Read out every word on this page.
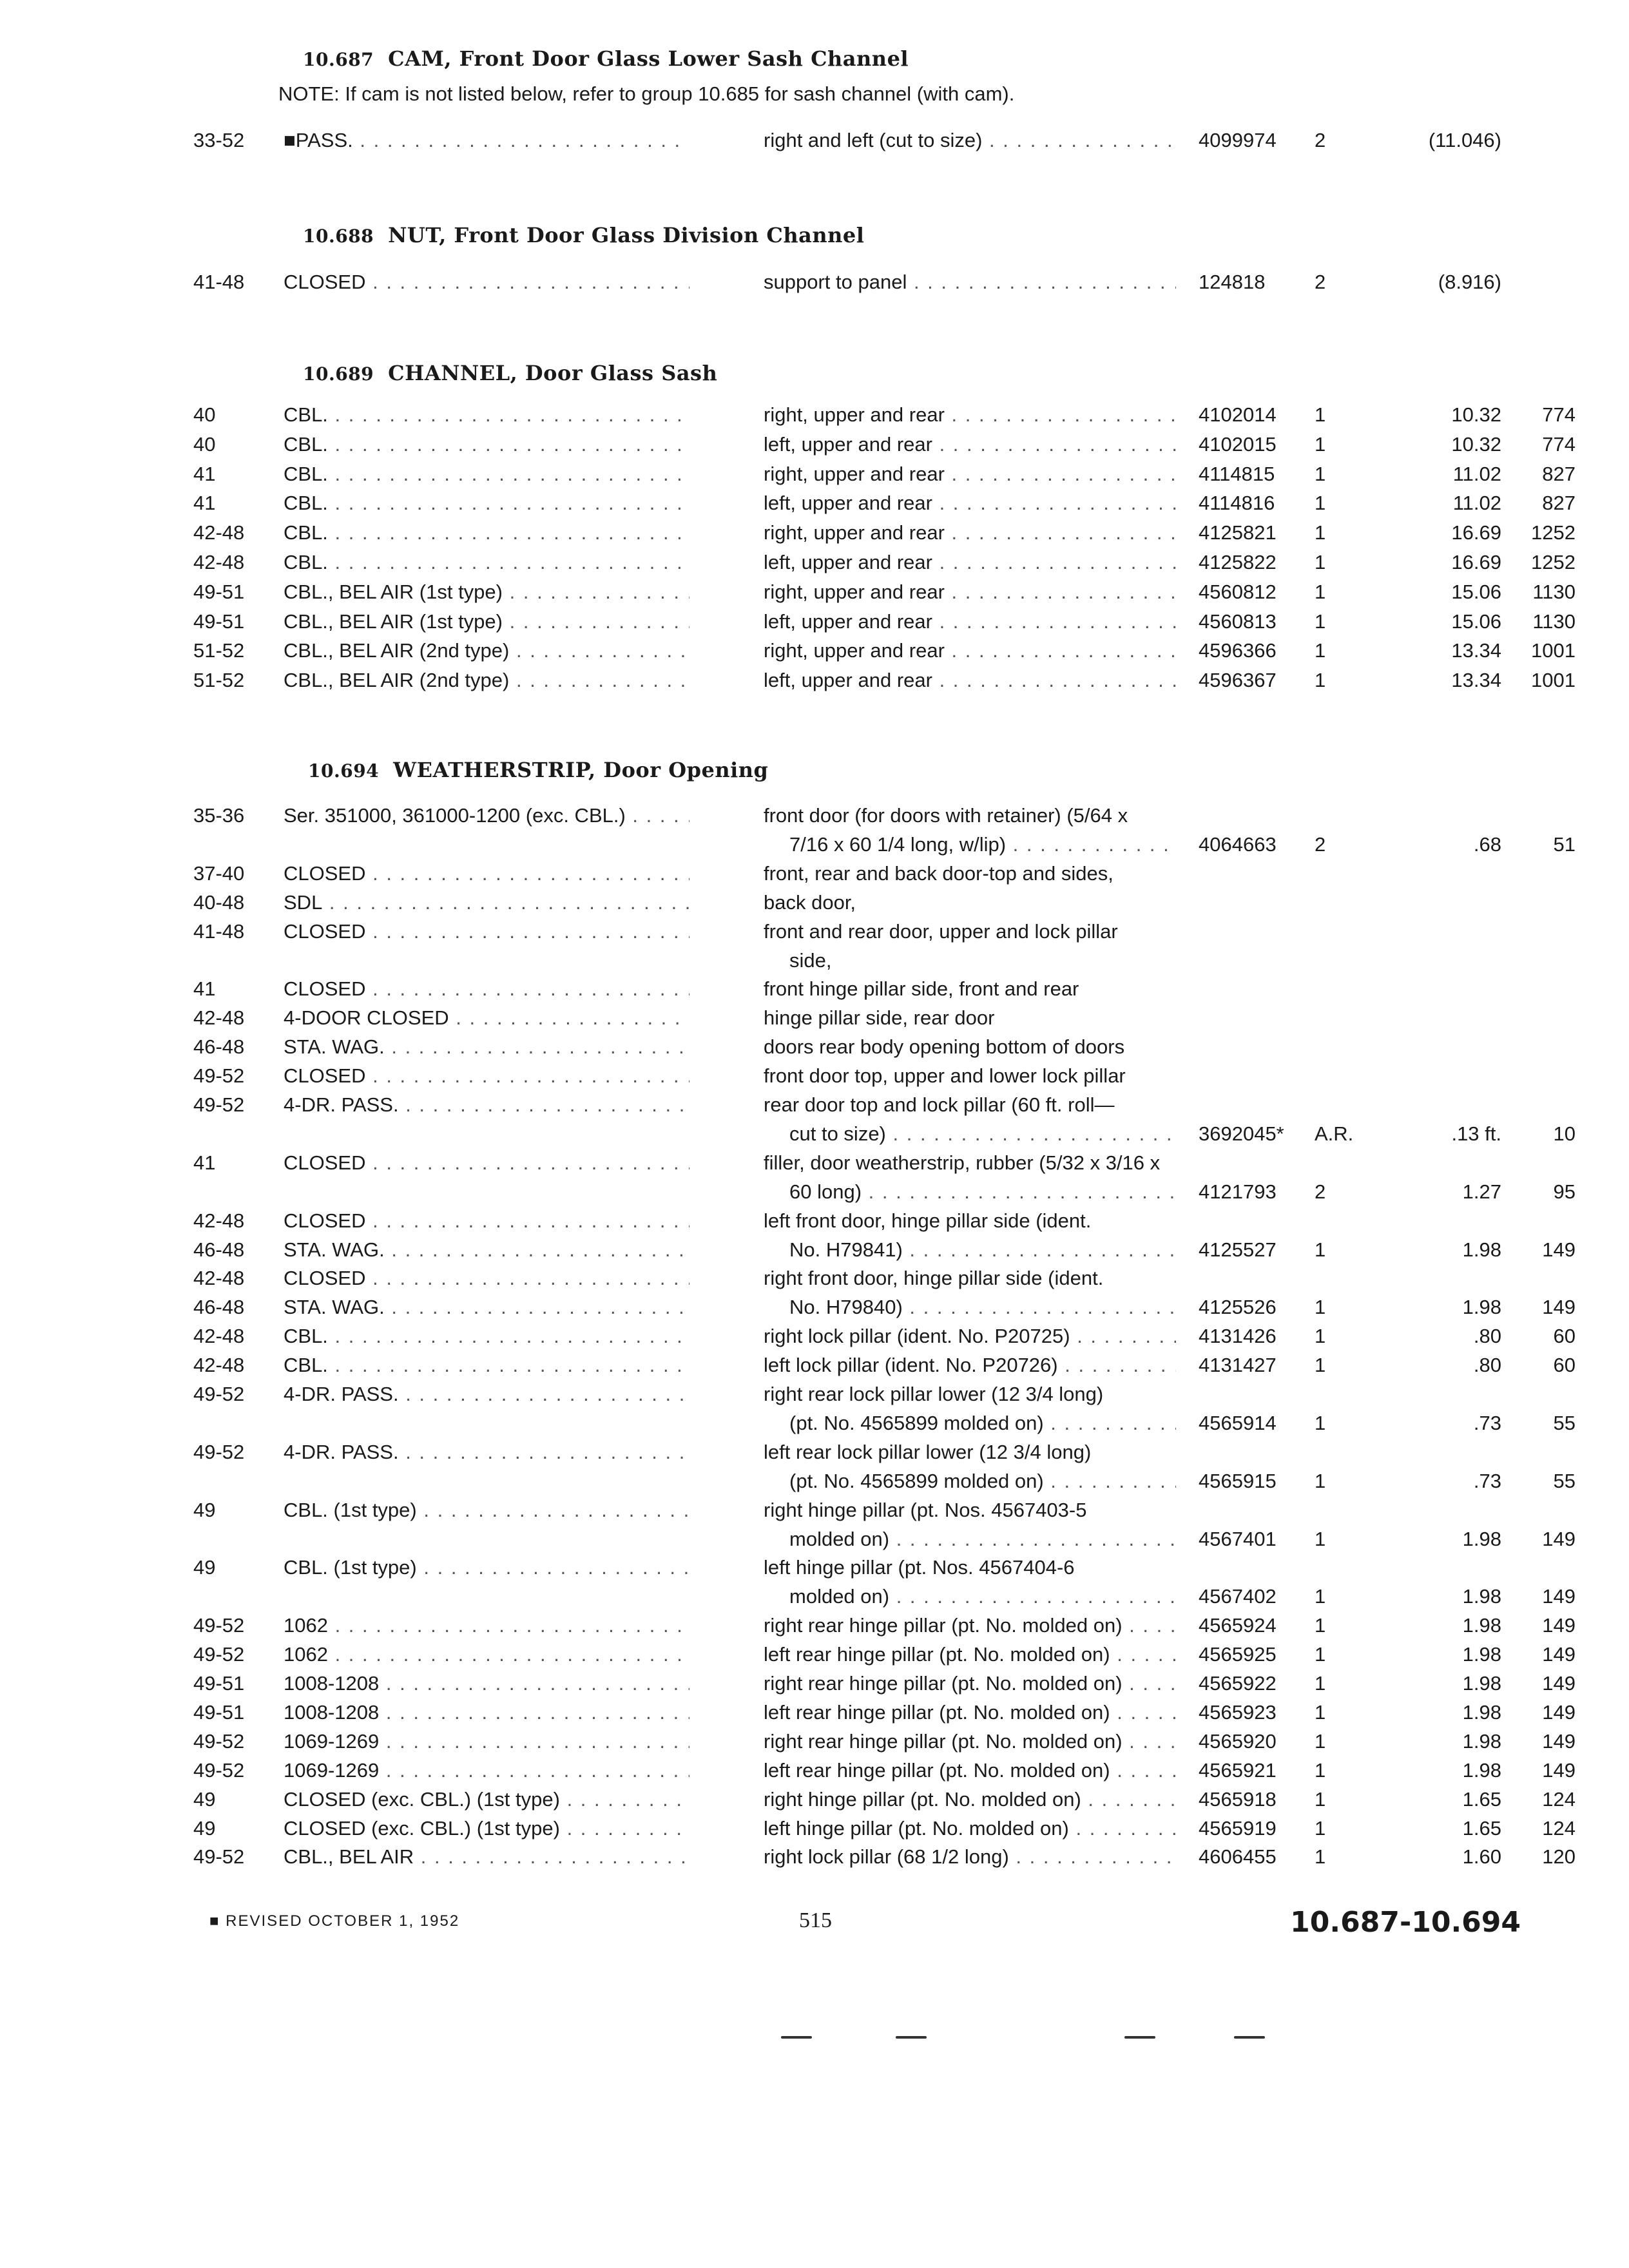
10.687 CAM, Front Door Glass Lower Sash Channel
NOTE: If cam is not listed below, refer to group 10.685 for sash channel (with cam).
33-52 ■PASS. . . .	right and left (cut to size) . . .	4099974 2	(11.046)
10.688 NUT, Front Door Glass Division Channel
41-48 CLOSED . . .	support to panel . . .	124818 2	(8.916)
10.689 CHANNEL, Door Glass Sash
40	CBL. . . .	right, upper and rear . . .	4102014 1	10.32	774
40	CBL. . . .	left, upper and rear . . .	4102015 1	10.32	774
41	CBL. . . .	right, upper and rear . . .	4114815 1	11.02	827
41	CBL. . . .	left, upper and rear . . .	4114816 1	11.02	827
42-48 CBL. . . .	right, upper and rear . . .	4125821 1	16.69	1252
42-48 CBL. . . .	left, upper and rear . . .	4125822 1	16.69	1252
49-51 CBL., BEL AIR (1st type) . . .	right, upper and rear . . .	4560812 1	15.06	1130
49-51 CBL., BEL AIR (1st type) . . .	left, upper and rear . . .	4560813 1	15.06	1130
51-52 CBL., BEL AIR (2nd type) . . .	right, upper and rear . . .	4596366 1	13.34	1001
51-52 CBL., BEL AIR (2nd type) . . .	left, upper and rear . . .	4596367 1	13.34	1001
10.694 WEATHERSTRIP, Door Opening
35-36 Ser. 351000, 361000-1200 (exc. CBL.) . . .	front door (for doors with retainer) (5/64 x
7/16 x 60 1/4 long, w/lip) . . .	4064663 2	.68	51
37-40 CLOSED . . .	front, rear and back door-top and sides,
40-48 SDL . . .	back door,
41-48 CLOSED . . .	front and rear door, upper and lock pillar
side,
41	CLOSED . . .	front hinge pillar side, front and rear
42-48 4-DOOR CLOSED . . .	hinge pillar side, rear door
46-48 STA. WAG. . . .	doors rear body opening bottom of doors
49-52 CLOSED . . .	front door top, upper and lower lock pillar
49-52 4-DR. PASS. . . .	rear door top and lock pillar (60 ft. roll—
cut to size) . . .	3692045* A.R.	.13 ft.	10
41	CLOSED . . .	filler, door weatherstrip, rubber (5/32 x 3/16 x
60 long) . . .	4121793 2	1.27	95
42-48 CLOSED . . .	left front door, hinge pillar side (ident.
46-48 STA. WAG. . . .	No. H79841) . . .	4125527 1	1.98	149
42-48 CLOSED . . .	right front door, hinge pillar side (ident.
46-48 STA. WAG. . . .	No. H79840) . . .	4125526 1	1.98	149
42-48 CBL. . . .	right lock pillar (ident. No. P20725) . . .	4131426 1	.80	60
42-48 CBL. . . .	left lock pillar (ident. No. P20726) . . .	4131427 1	.80	60
49-52 4-DR. PASS. . . .	right rear lock pillar lower (12 3/4 long)
(pt. No. 4565899 molded on) . . .	4565914 1	.73	55
49-52 4-DR. PASS. . . .	left rear lock pillar lower (12 3/4 long)
(pt. No. 4565899 molded on) . . .	4565915 1	.73	55
49	CBL. (1st type) . . .	right hinge pillar (pt. Nos. 4567403-5
molded on) . . .	4567401 1	1.98	149
49	CBL. (1st type) . . .	left hinge pillar (pt. Nos. 4567404-6
molded on) . . .	4567402 1	1.98	149
49-52 1062 . . .	right rear hinge pillar (pt. No. molded on) . . .	4565924 1	1.98	149
49-52 1062 . . .	left rear hinge pillar (pt. No. molded on) . . .	4565925 1	1.98	149
49-51 1008-1208 . . .	right rear hinge pillar (pt. No. molded on) . . .	4565922 1	1.98	149
49-51 1008-1208 . . .	left rear hinge pillar (pt. No. molded on) . . .	4565923 1	1.98	149
49-52 1069-1269 . . .	right rear hinge pillar (pt. No. molded on) . . .	4565920 1	1.98	149
49-52 1069-1269 . . .	left rear hinge pillar (pt. No. molded on) . . .	4565921 1	1.98	149
49	CLOSED (exc. CBL.) (1st type) . . .	right hinge pillar (pt. No. molded on) . . .	4565918 1	1.65	124
49	CLOSED (exc. CBL.) (1st type) . . .	left hinge pillar (pt. No. molded on) . . .	4565919 1	1.65	124
49-52 CBL., BEL AIR . . .	right lock pillar (68 1/2 long) . . .	4606455 1	1.60	120
■ REVISED OCTOBER 1, 1952	515	10.687-10.694
